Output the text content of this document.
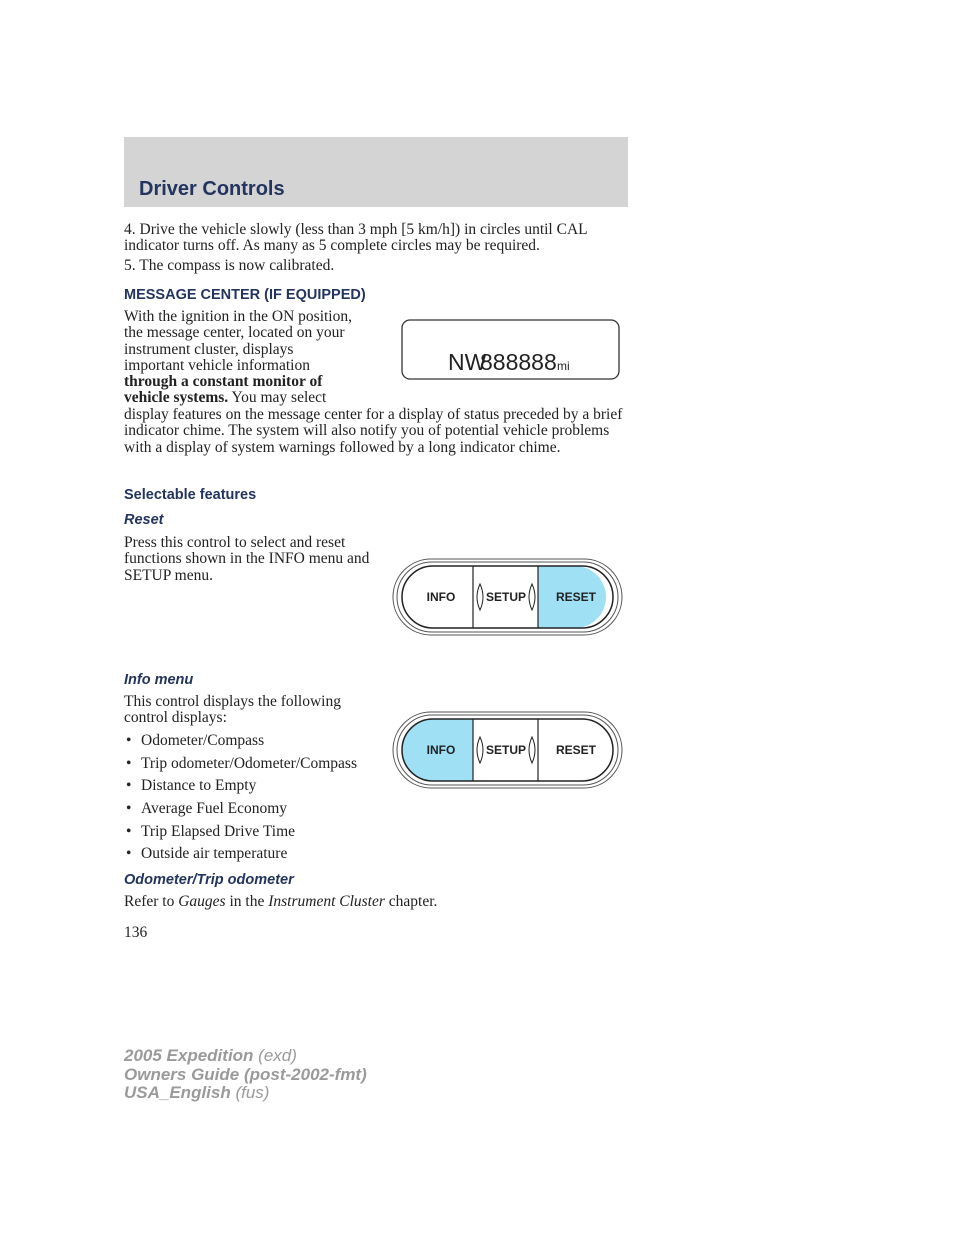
Driver Controls
4. Drive the vehicle slowly (less than 3 mph [5 km/h]) in circles until CAL indicator turns off. As many as 5 complete circles may be required.
5. The compass is now calibrated.
MESSAGE CENTER (IF EQUIPPED)
With the ignition in the ON position,
the message center, located on your
instrument cluster, displays
important vehicle information
through a constant monitor of
vehicle systems. You may select
display features on the message center for a display of status preceded by a brief indicator chime. The system will also notify you of potential vehicle problems with a display of system warnings followed by a long indicator chime.
NW
888888 mi
Selectable features
Reset
Press this control to select and reset functions shown in the INFO menu and SETUP menu.
INFO	SETUP RESET
Info menu
This control displays the following control displays:
• Odometer/Compass
• Trip odometer/Odometer/Compass
• Distance to Empty
• Average Fuel Economy
• Trip Elapsed Drive Time
• Outside air temperature
INFO	SETUP RESET
Odometer/Trip odometer
Refer to Gauges in the Instrument Cluster chapter.
136
2005 Expedition (exd)
Owners Guide (post-2002-fmt)
USA_English (fus)
